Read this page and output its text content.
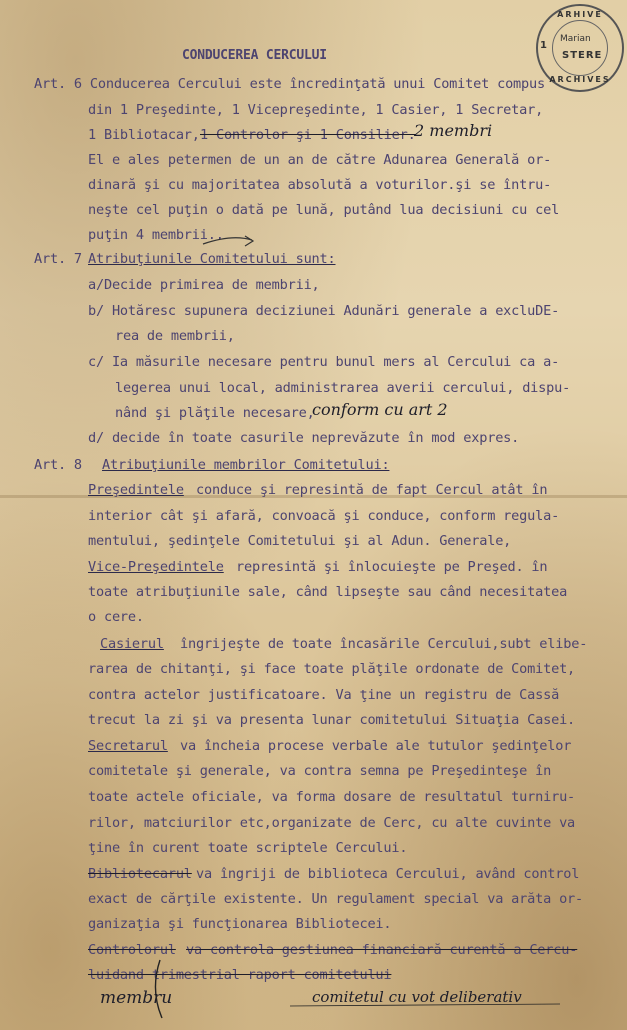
ARHIVE
1
Marian
STERE
ARCHIVES
CONDUCEREA CERCULUI
Art. 6 Conducerea Cercului este încredinţată unui Comitet compus
din 1 Preşedinte, 1 Vicepreşedinte, 1 Casier, 1 Secretar,
1 Bibliotacar, 1 Controlor şi 1 Consilier.
2 membri
El e ales petermen de un an de către Adunarea Generală or-
dinară şi cu majoritatea absolută a voturilor.şi se întru-
neşte cel puţin o dată pe lună, putând lua decisiuni cu cel
puţin 4 membrii..
Art. 7 Atribuţiunile Comitetului sunt:
a/Decide primirea de membrii,
b/ Hotăresc supunera deciziunei Adunări generale a excluDE-
rea de membrii,
c/ Ia măsurile necesare pentru bunul mers al Cercului ca a-
legerea unui local, administrarea averii cercului, dispu-
nând şi plăţile necesare,
conform cu art 2
d/ decide în toate casurile neprevăzute în mod expres.
Art. 8 Atribuţiunile membrilor Comitetului:
Preşedintele conduce şi represintă de fapt Cercul atât în
interior cât şi afară, convoacă şi conduce, conform regula-
mentului, şedinţele Comitetului şi al Adun. Generale,
Vice-Preşedintele represintă şi înlocuieşte pe Preşed. în
toate atribuţiunile sale, când lipseşte sau când necesitatea
o cere.
Casierul îngrijeşte de toate încasările Cercului,subt elibe-
rarea de chitanţi, şi face toate plăţile ordonate de Comitet,
contra actelor justificatoare. Va ţine un registru de Cassă
trecut la zi şi va presenta lunar comitetului Situaţia Casei.
Secretarul va încheia procese verbale ale tutulor şedinţelor
comitetale şi generale, va contra semna pe Preşedinteşe în
toate actele oficiale, va forma dosare de resultatul turniru-
rilor, matciurilor etc,organizate de Cerc, cu alte cuvinte va
ţine în curent toate scriptele Cercului.
Bibliotecarul va îngriji de biblioteca Cercului, având control
exact de cărţile existente. Un regulament special va arăta or-
ganizaţia şi funcţionarea Bibliotecei.
Controlorul va controla gestiunea financiară curentă a Cercu-
luidand trimestrial raport comitetului
membru	comitetul cu vot deliberativ
